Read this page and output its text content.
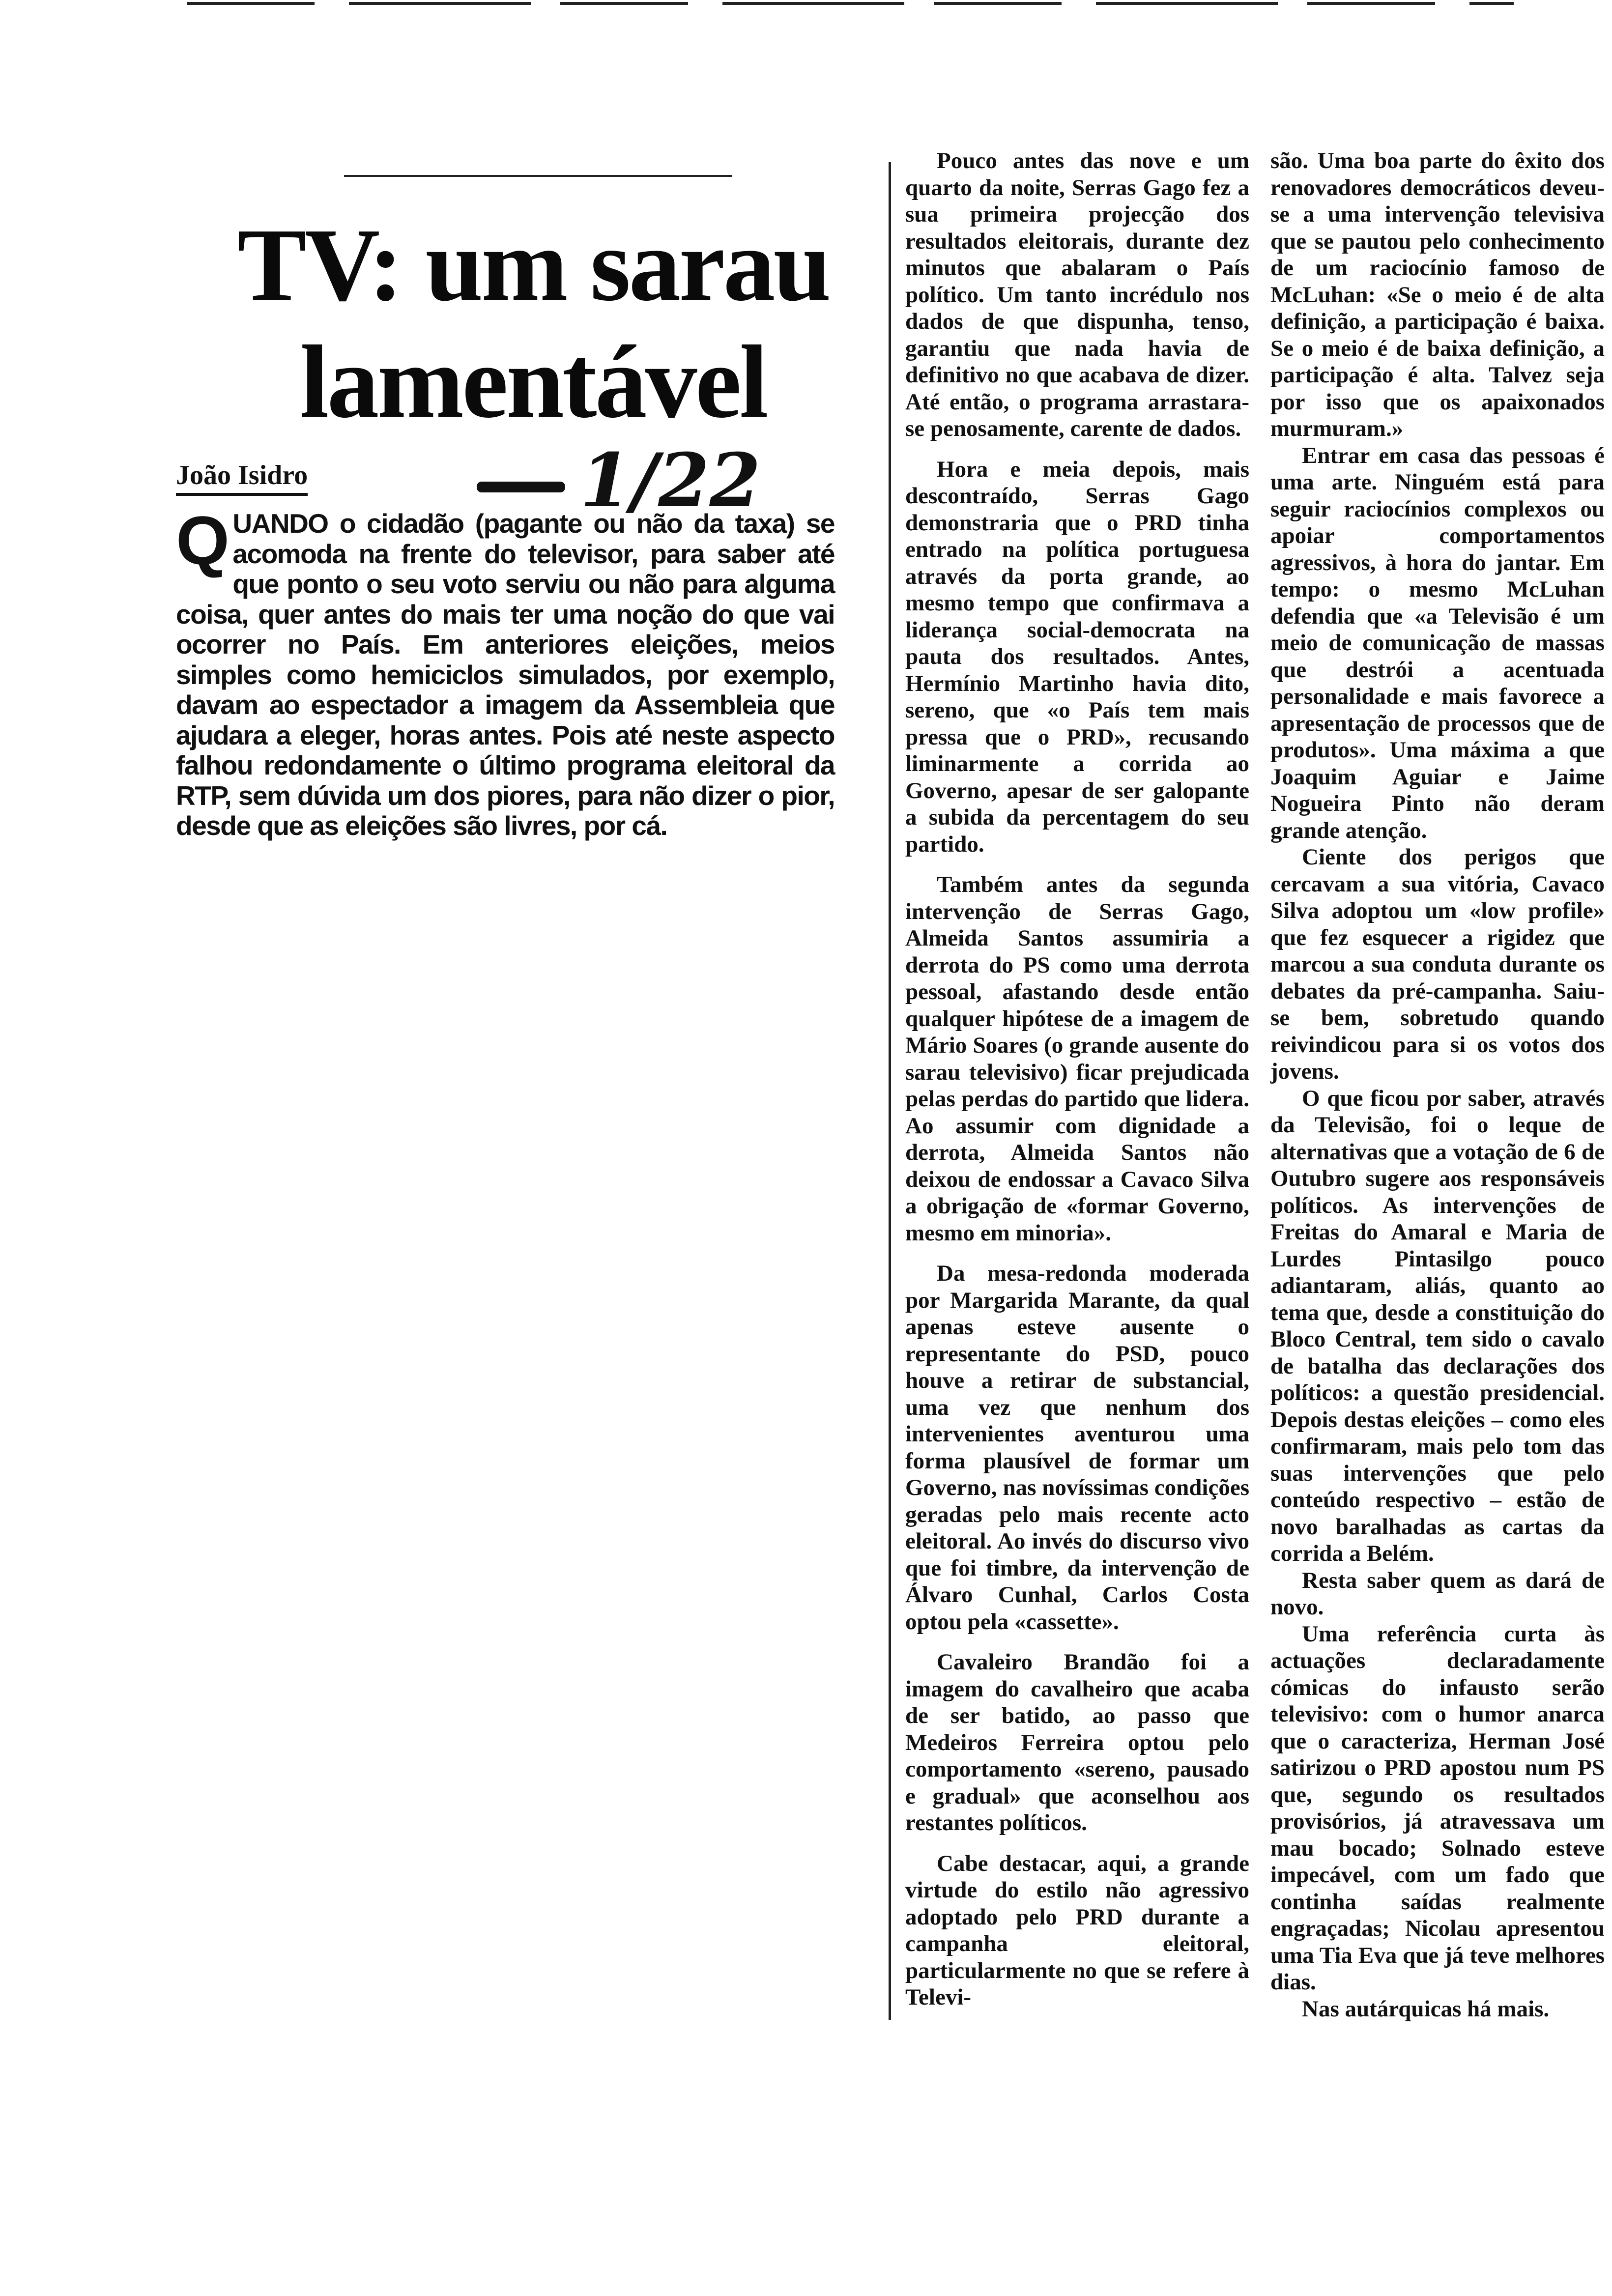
TV: um sarau
lamentável
João Isidro	1/22

QUANDO o cidadão (pagante ou não da taxa) se acomoda na frente do televisor, para saber até que ponto o seu voto serviu ou não para alguma coisa, quer antes do mais ter uma noção do que vai ocorrer no País. Em anteriores eleições, meios simples como hemiciclos simulados, por exemplo, davam ao espectador a imagem da Assembleia que ajudara a eleger, horas antes. Pois até neste aspecto falhou redondamente o último programa eleitoral da RTP, sem dúvida um dos piores, para não dizer o pior, desde que as eleições são livres, por cá.

Pouco antes das nove e um quarto da noite, Serras Gago fez a sua primeira projecção dos resultados eleitorais, durante dez minutos que abalaram o País político. Um tanto incrédulo nos dados de que dispunha, tenso, garantiu que nada havia de definitivo no que acabava de dizer. Até então, o programa arrastara-se penosamente, carente de dados.

Hora e meia depois, mais descontraído, Serras Gago demonstraria que o PRD tinha entrado na política portuguesa através da porta grande, ao mesmo tempo que confirmava a liderança social-democrata na pauta dos resultados. Antes, Hermínio Martinho havia dito, sereno, que «o País tem mais pressa que o PRD», recusando liminarmente a corrida ao Governo, apesar de ser galopante a subida da percentagem do seu partido.

Também antes da segunda intervenção de Serras Gago, Almeida Santos assumiria a derrota do PS como uma derrota pessoal, afastando desde então qualquer hipótese de a imagem de Mário Soares (o grande ausente do sarau televisivo) ficar prejudicada pelas perdas do partido que lidera. Ao assumir com dignidade a derrota, Almeida Santos não deixou de endossar a Cavaco Silva a obrigação de «formar Governo, mesmo em minoria».

Da mesa-redonda moderada por Margarida Marante, da qual apenas esteve ausente o representante do PSD, pouco houve a retirar de substancial, uma vez que nenhum dos intervenientes aventurou uma forma plausível de formar um Governo, nas novíssimas condições geradas pelo mais recente acto eleitoral. Ao invés do discurso vivo que foi timbre, da intervenção de Álvaro Cunhal, Carlos Costa optou pela «cassette».

Cavaleiro Brandão foi a imagem do cavalheiro que acaba de ser batido, ao passo que Medeiros Ferreira optou pelo comportamento «sereno, pausado e gradual» que aconselhou aos restantes políticos.

Cabe destacar, aqui, a grande virtude do estilo não agressivo adoptado pelo PRD durante a campanha eleitoral, particularmente no que se refere à Televi-

são. Uma boa parte do êxito dos renovadores democráticos deveu-se a uma intervenção televisiva que se pautou pelo conhecimento de um raciocínio famoso de McLuhan: «Se o meio é de alta definição, a participação é baixa. Se o meio é de baixa definição, a participação é alta. Talvez seja por isso que os apaixonados murmuram.»

Entrar em casa das pessoas é uma arte. Ninguém está para seguir raciocínios complexos ou apoiar comportamentos agressivos, à hora do jantar. Em tempo: o mesmo McLuhan defendia que «a Televisão é um meio de comunicação de massas que destrói a acentuada personalidade e mais favorece a apresentação de processos que de produtos». Uma máxima a que Joaquim Aguiar e Jaime Nogueira Pinto não deram grande atenção.

Ciente dos perigos que cercavam a sua vitória, Cavaco Silva adoptou um «low profile» que fez esquecer a rigidez que marcou a sua conduta durante os debates da pré-campanha. Saiu-se bem, sobretudo quando reivindicou para si os votos dos jovens.

O que ficou por saber, através da Televisão, foi o leque de alternativas que a votação de 6 de Outubro sugere aos responsáveis políticos. As intervenções de Freitas do Amaral e Maria de Lurdes Pintasilgo pouco adiantaram, aliás, quanto ao tema que, desde a constituição do Bloco Central, tem sido o cavalo de batalha das declarações dos políticos: a questão presidencial. Depois destas eleições – como eles confirmaram, mais pelo tom das suas intervenções que pelo conteúdo respectivo – estão de novo baralhadas as cartas da corrida a Belém.

Resta saber quem as dará de novo.

Uma referência curta às actuações declaradamente cómicas do infausto serão televisivo: com o humor anarca que o caracteriza, Herman José satirizou o PRD apostou num PS que, segundo os resultados provisórios, já atravessava um mau bocado; Solnado esteve impecável, com um fado que continha saídas realmente engraçadas; Nicolau apresentou uma Tia Eva que já teve melhores dias.

Nas autárquicas há mais.
